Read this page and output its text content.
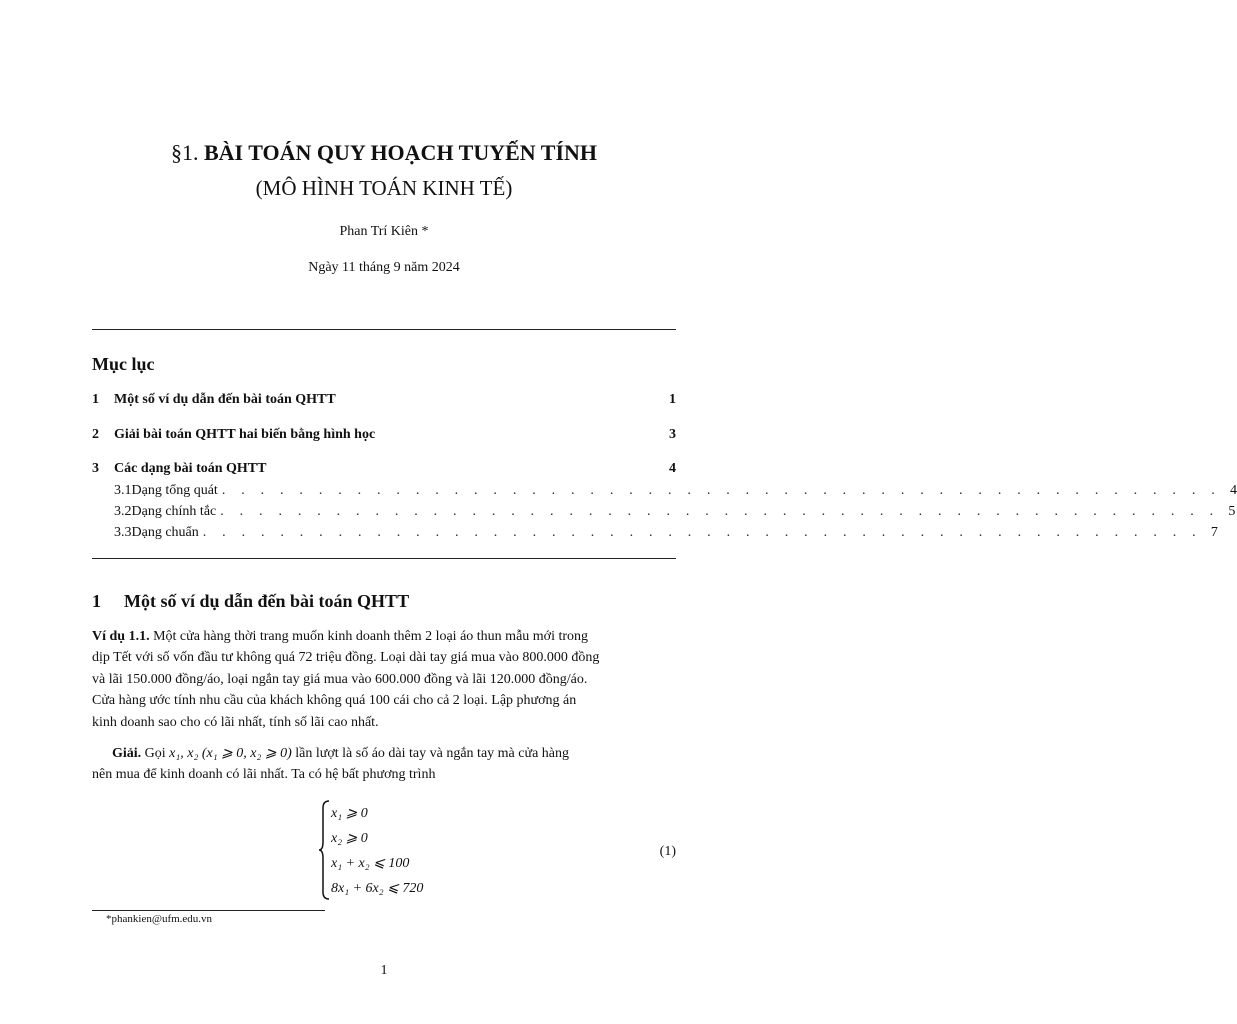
§1. BÀI TOÁN QUY HOẠCH TUYẾN TÍNH
(MÔ HÌNH TOÁN KINH TẾ)
Phan Trí Kiên *
Ngày 11 tháng 9 năm 2024
Mục lục
1	Một số ví dụ dẫn đến bài toán QHTT	1
2	Giải bài toán QHTT hai biến bằng hình học	3
3	Các dạng bài toán QHTT	4
3.1 Dạng tổng quát . . . . . . . . . . . . . . . . . . . . . . . . . . . . . . . . . . . . . . . . . . . . . . . . . . . . 4
3.2 Dạng chính tắc . . . . . . . . . . . . . . . . . . . . . . . . . . . . . . . . . . . . . . . . . . . . . . . . . . . . 5
3.3 Dạng chuẩn . . . . . . . . . . . . . . . . . . . . . . . . . . . . . . . . . . . . . . . . . . . . . . . . . . . . 7
1 Một số ví dụ dẫn đến bài toán QHTT
Ví dụ 1.1. Một cửa hàng thời trang muốn kinh doanh thêm 2 loại áo thun mẫu mới trong
dịp Tết với số vốn đầu tư không quá 72 triệu đồng. Loại dài tay giá mua vào 800.000 đồng
và lãi 150.000 đồng/áo, loại ngắn tay giá mua vào 600.000 đồng và lãi 120.000 đồng/áo.
Cửa hàng ước tính nhu cầu của khách không quá 100 cái cho cả 2 loại. Lập phương án
kinh doanh sao cho có lãi nhất, tính số lãi cao nhất.
Giải. Gọi x₁, x₂ (x₁ ⩾ 0, x₂ ⩾ 0) lần lượt là số áo dài tay và ngắn tay mà cửa hàng
nên mua để kinh doanh có lãi nhất. Ta có hệ bất phương trình
x₁ ⩾ 0
x₂ ⩾ 0
x₁ + x₂ ⩽ 100
8x₁ + 6x₂ ⩽ 720
(1)
*phankien@ufm.edu.vn
1
